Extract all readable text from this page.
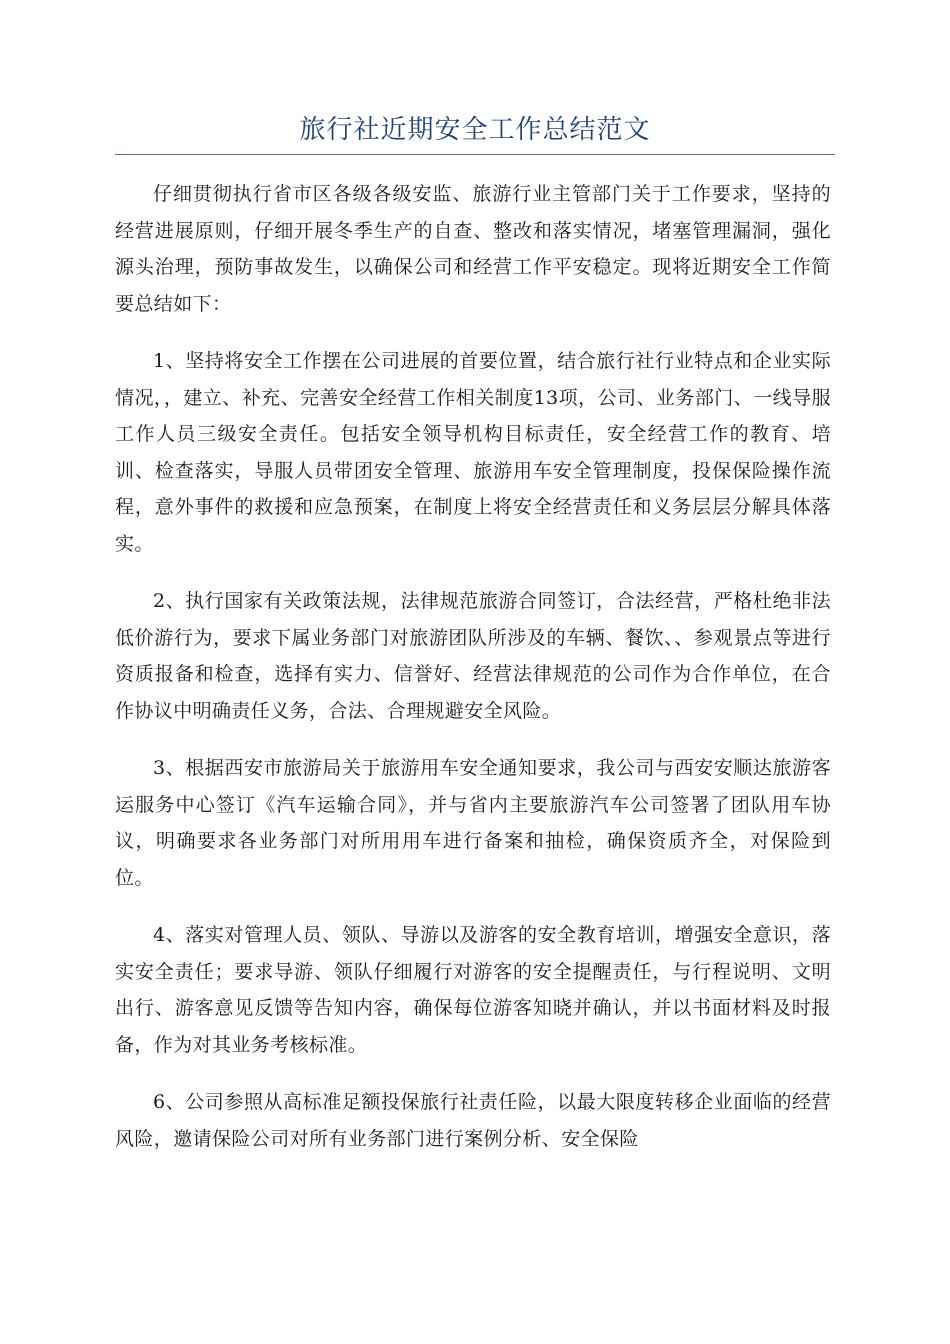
旅行社近期安全工作总结范文

仔细贯彻执行省市区各级各级安监、旅游行业主管部门关于工作要求，坚持的经营进展原则，仔细开展冬季生产的自查、整改和落实情况，堵塞管理漏洞，强化源头治理，预防事故发生，以确保公司和经营工作平安稳定。现将近期安全工作简要总结如下：

1、坚持将安全工作摆在公司进展的首要位置，结合旅行社行业特点和企业实际情况，，建立、补充、完善安全经营工作相关制度13项，公司、业务部门、一线导服工作人员三级安全责任。包括安全领导机构目标责任，安全经营工作的教育、培训、检查落实，导服人员带团安全管理、旅游用车安全管理制度，投保保险操作流程，意外事件的救援和应急预案，在制度上将安全经营责任和义务层层分解具体落实。

2、执行国家有关政策法规，法律规范旅游合同签订，合法经营，严格杜绝非法低价游行为，要求下属业务部门对旅游团队所涉及的车辆、餐饮、、参观景点等进行资质报备和检查，选择有实力、信誉好、经营法律规范的公司作为合作单位，在合作协议中明确责任义务，合法、合理规避安全风险。

3、根据西安市旅游局关于旅游用车安全通知要求，我公司与西安安顺达旅游客运服务中心签订《汽车运输合同》，并与省内主要旅游汽车公司签署了团队用车协议，明确要求各业务部门对所用用车进行备案和抽检，确保资质齐全，对保险到位。

4、落实对管理人员、领队、导游以及游客的安全教育培训，增强安全意识，落实安全责任；要求导游、领队仔细履行对游客的安全提醒责任，与行程说明、文明出行、游客意见反馈等告知内容，确保每位游客知晓并确认，并以书面材料及时报备，作为对其业务考核标准。

6、公司参照从高标准足额投保旅行社责任险，以最大限度转移企业面临的经营风险，邀请保险公司对所有业务部门进行案例分析、安全保险
